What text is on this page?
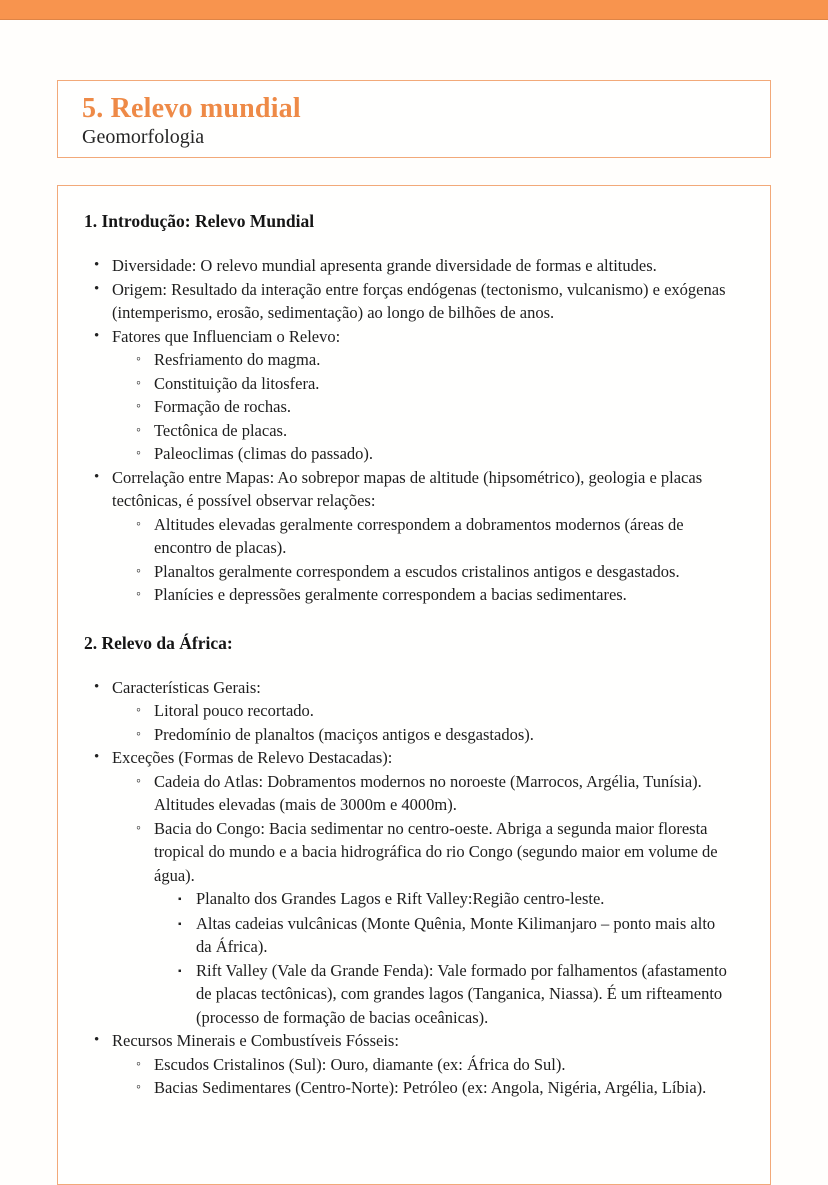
5. Relevo mundial
Geomorfologia
1. Introdução: Relevo Mundial
• Diversidade: O relevo mundial apresenta grande diversidade de formas e altitudes.
• Origem: Resultado da interação entre forças endógenas (tectonismo, vulcanismo) e exógenas (intemperismo, erosão, sedimentação) ao longo de bilhões de anos.
• Fatores que Influenciam o Relevo:
◦ Resfriamento do magma.
◦ Constituição da litosfera.
◦ Formação de rochas.
◦ Tectônica de placas.
◦ Paleoclimas (climas do passado).
• Correlação entre Mapas: Ao sobrepor mapas de altitude (hipsométrico), geologia e placas tectônicas, é possível observar relações:
◦ Altitudes elevadas geralmente correspondem a dobramentos modernos (áreas de encontro de placas).
◦ Planaltos geralmente correspondem a escudos cristalinos antigos e desgastados.
◦ Planícies e depressões geralmente correspondem a bacias sedimentares.
2. Relevo da África:
• Características Gerais:
◦ Litoral pouco recortado.
◦ Predomínio de planaltos (maciços antigos e desgastados).
• Exceções (Formas de Relevo Destacadas):
◦ Cadeia do Atlas: Dobramentos modernos no noroeste (Marrocos, Argélia, Tunísia). Altitudes elevadas (mais de 3000m e 4000m).
◦ Bacia do Congo: Bacia sedimentar no centro-oeste. Abriga a segunda maior floresta tropical do mundo e a bacia hidrográfica do rio Congo (segundo maior em volume de água).
▪ Planalto dos Grandes Lagos e Rift Valley:Região centro-leste.
▪ Altas cadeias vulcânicas (Monte Quênia, Monte Kilimanjaro – ponto mais alto da África).
▪ Rift Valley (Vale da Grande Fenda): Vale formado por falhamentos (afastamento de placas tectônicas), com grandes lagos (Tanganica, Niassa). É um rifteamento (processo de formação de bacias oceânicas).
• Recursos Minerais e Combustíveis Fósseis:
◦ Escudos Cristalinos (Sul): Ouro, diamante (ex: África do Sul).
◦ Bacias Sedimentares (Centro-Norte): Petróleo (ex: Angola, Nigéria, Argélia, Líbia).
